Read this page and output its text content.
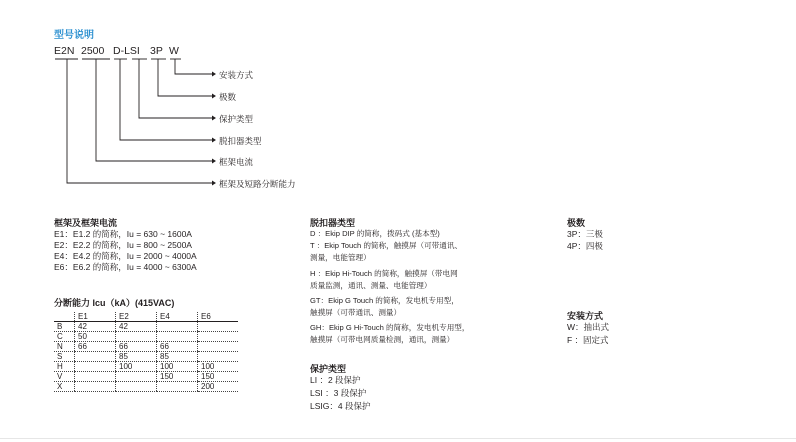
型号说明
E2N 2500 D-LSI 3P W
安装方式
极数
保护类型
脱扣器类型
框架电流
框架及短路分断能力
框架及框架电流
E1：E1.2 的简称，Iu = 630 ~ 1600A
E2：E2.2 的简称，Iu = 800 ~ 2500A
E4：E4.2 的简称，Iu = 2000 ~ 4000A
E6：E6.2 的简称，Iu = 4000 ~ 6300A
分断能力 Icu（kA）(415VAC)
	E1	E2	E4	E6
B	42	42		
C	50			
N	66	66	66	
S		85	85	
H		100	100	100
V			150	150
X				200
脱扣器类型
D ：Ekip DIP 的简称，拨码式 (基本型)
T ：Ekip Touch 的简称，触摸屏（可带通讯、
测量，电能管理）
H ：Ekip Hi-Touch 的简称，触摸屏（带电网
质量监测，通讯、测量、电能管理）
GT：Ekip G Touch 的简称，发电机专用型，
触摸屏（可带通讯、测量）
GH：Ekip G Hi-Touch 的简称，发电机专用型，
触摸屏（可带电网质量检测，通讯，测量）
保护类型
LI ：2 段保护
LSI ：3 段保护
LSIG：4 段保护
极数
3P：三极
4P：四极
安装方式
W：抽出式
F ：固定式
